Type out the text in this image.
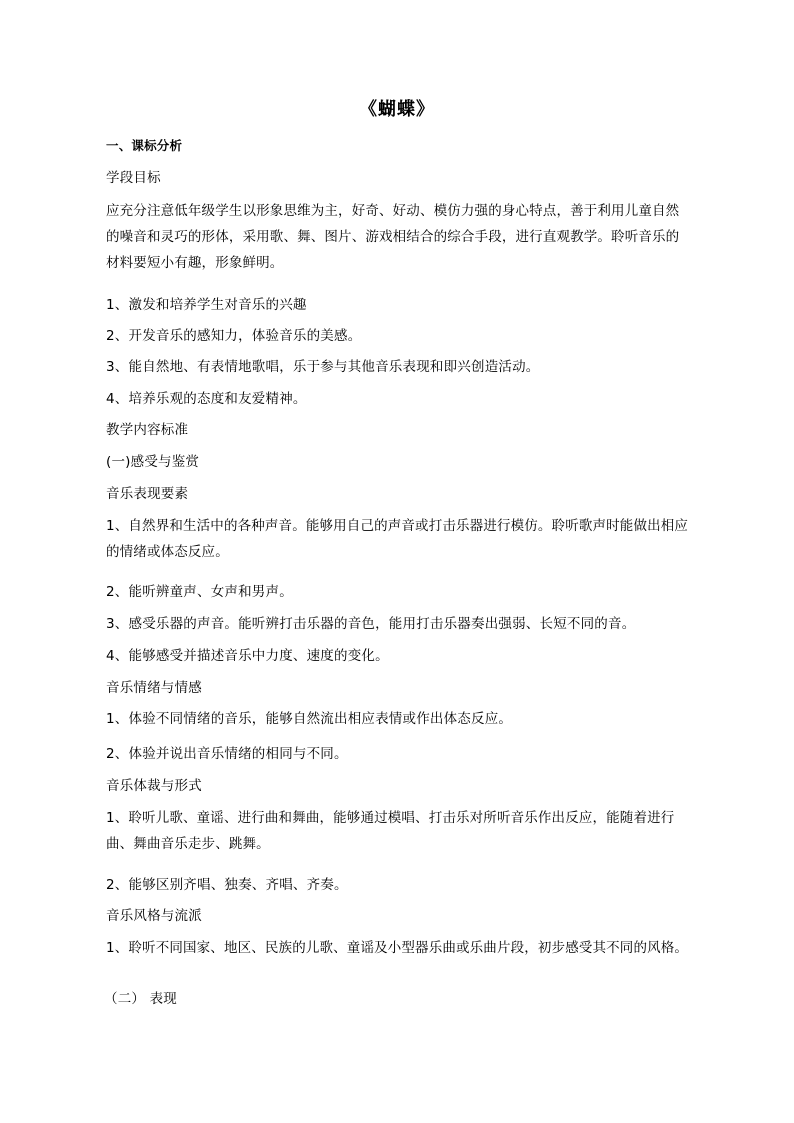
《蝴蝶》
一、课标分析
学段目标
应充分注意低年级学生以形象思维为主，好奇、好动、模仿力强的身心特点，善于利用儿童自然的噪音和灵巧的形体，采用歌、舞、图片、游戏相结合的综合手段，进行直观教学。聆听音乐的材料要短小有趣，形象鲜明。
1、激发和培养学生对音乐的兴趣
2、开发音乐的感知力，体验音乐的美感。
3、能自然地、有表情地歌唱，乐于参与其他音乐表现和即兴创造活动。
4、培养乐观的态度和友爱精神。
教学内容标准
(一)感受与鉴赏
音乐表现要素
1、自然界和生活中的各种声音。能够用自己的声音或打击乐器进行模仿。聆听歌声时能做出相应的情绪或体态反应。
2、能听辨童声、女声和男声。
3、感受乐器的声音。能听辨打击乐器的音色，能用打击乐器奏出强弱、长短不同的音。
4、能够感受并描述音乐中力度、速度的变化。
音乐情绪与情感
1、体验不同情绪的音乐，能够自然流出相应表情或作出体态反应。
2、体验并说出音乐情绪的相同与不同。
音乐体裁与形式
1、聆听儿歌、童谣、进行曲和舞曲，能够通过模唱、打击乐对所听音乐作出反应，能随着进行曲、舞曲音乐走步、跳舞。
2、能够区别齐唱、独奏、齐唱、齐奏。
音乐风格与流派
1、聆听不同国家、地区、民族的儿歌、童谣及小型器乐曲或乐曲片段，初步感受其不同的风格。
（二） 表现
